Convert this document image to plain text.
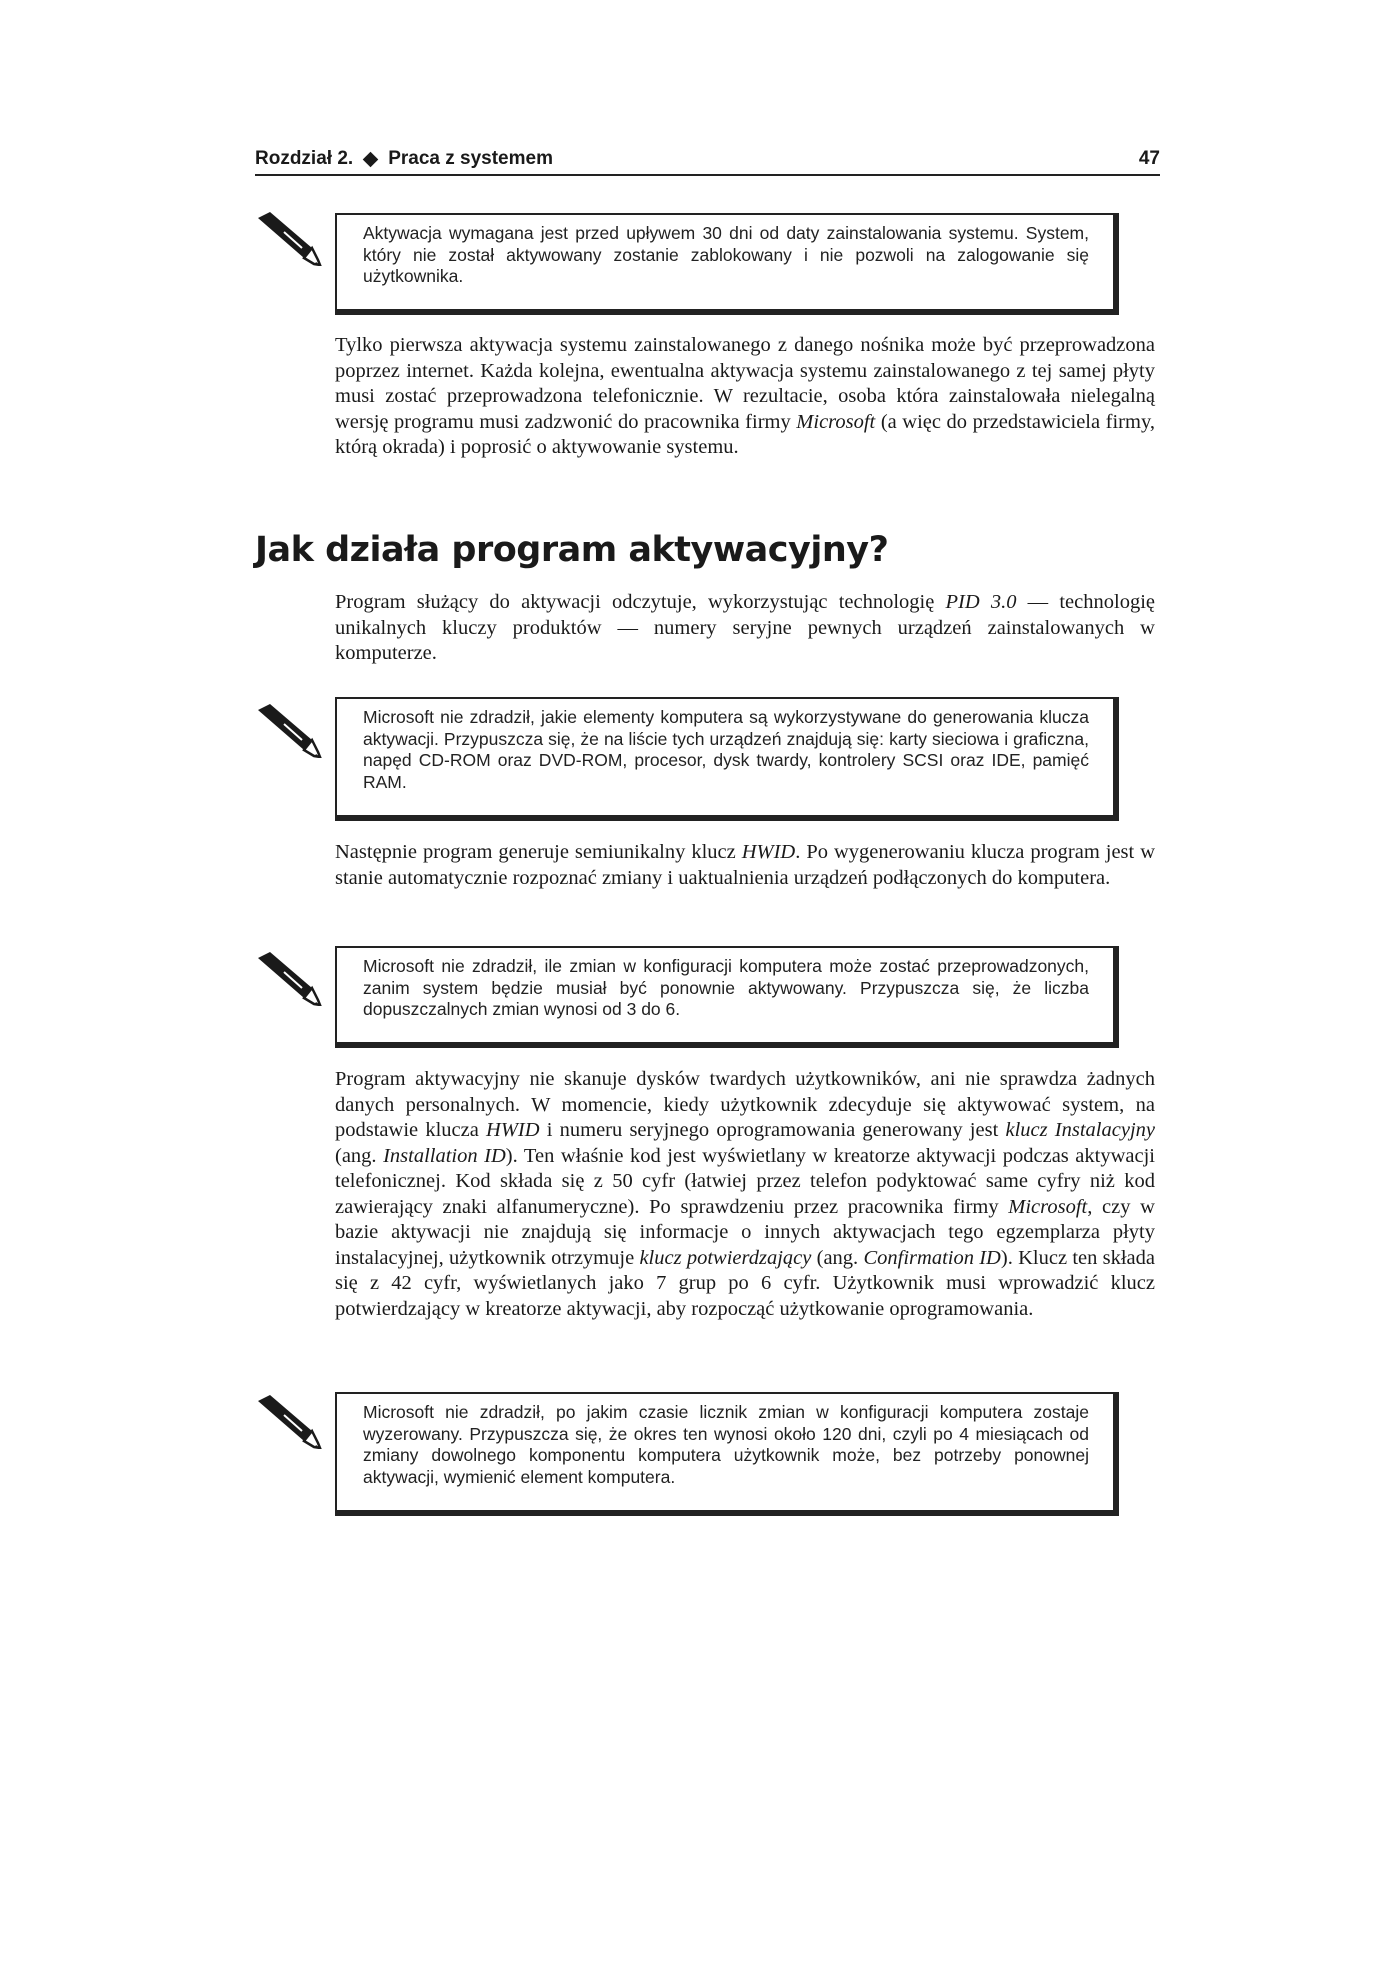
Rozdział 2. Praca z systemem	47
Aktywacja wymagana jest przed upływem 30 dni od daty zainstalowania systemu. System, który nie został aktywowany zostanie zablokowany i nie pozwoli na zalogowanie się użytkownika.

Tylko pierwsza aktywacja systemu zainstalowanego z danego nośnika może być przeprowadzona poprzez internet. Każda kolejna, ewentualna aktywacja systemu zainstalowanego z tej samej płyty musi zostać przeprowadzona telefonicznie. W rezultacie, osoba która zainstalowała nielegalną wersję programu musi zadzwonić do pracownika firmy Microsoft (a więc do przedstawiciela firmy, którą okrada) i poprosić o aktywowanie systemu.

Jak działa program aktywacyjny?

Program służący do aktywacji odczytuje, wykorzystując technologię PID 3.0 — technologię unikalnych kluczy produktów — numery seryjne pewnych urządzeń zainstalowanych w komputerze.

Microsoft nie zdradził, jakie elementy komputera są wykorzystywane do generowania klucza aktywacji. Przypuszcza się, że na liście tych urządzeń znajdują się: karty sieciowa i graficzna, napęd CD-ROM oraz DVD-ROM, procesor, dysk twardy, kontrolery SCSI oraz IDE, pamięć RAM.

Następnie program generuje semiunikalny klucz HWID. Po wygenerowaniu klucza program jest w stanie automatycznie rozpoznać zmiany i uaktualnienia urządzeń podłączonych do komputera.

Microsoft nie zdradził, ile zmian w konfiguracji komputera może zostać przeprowadzonych, zanim system będzie musiał być ponownie aktywowany. Przypuszcza się, że liczba dopuszczalnych zmian wynosi od 3 do 6.

Program aktywacyjny nie skanuje dysków twardych użytkowników, ani nie sprawdza żadnych danych personalnych. W momencie, kiedy użytkownik zdecyduje się aktywować system, na podstawie klucza HWID i numeru seryjnego oprogramowania generowany jest klucz Instalacyjny (ang. Installation ID). Ten właśnie kod jest wyświetlany w kreatorze aktywacji podczas aktywacji telefonicznej. Kod składa się z 50 cyfr (łatwiej przez telefon podyktować same cyfry niż kod zawierający znaki alfanumeryczne). Po sprawdzeniu przez pracownika firmy Microsoft, czy w bazie aktywacji nie znajdują się informacje o innych aktywacjach tego egzemplarza płyty instalacyjnej, użytkownik otrzymuje klucz potwierdzający (ang. Confirmation ID). Klucz ten składa się z 42 cyfr, wyświetlanych jako 7 grup po 6 cyfr. Użytkownik musi wprowadzić klucz potwierdzający w kreatorze aktywacji, aby rozpocząć użytkowanie oprogramowania.

Microsoft nie zdradził, po jakim czasie licznik zmian w konfiguracji komputera zostaje wyzerowany. Przypuszcza się, że okres ten wynosi około 120 dni, czyli po 4 miesiącach od zmiany dowolnego komponentu komputera użytkownik może, bez potrzeby ponownej aktywacji, wymienić element komputera.
